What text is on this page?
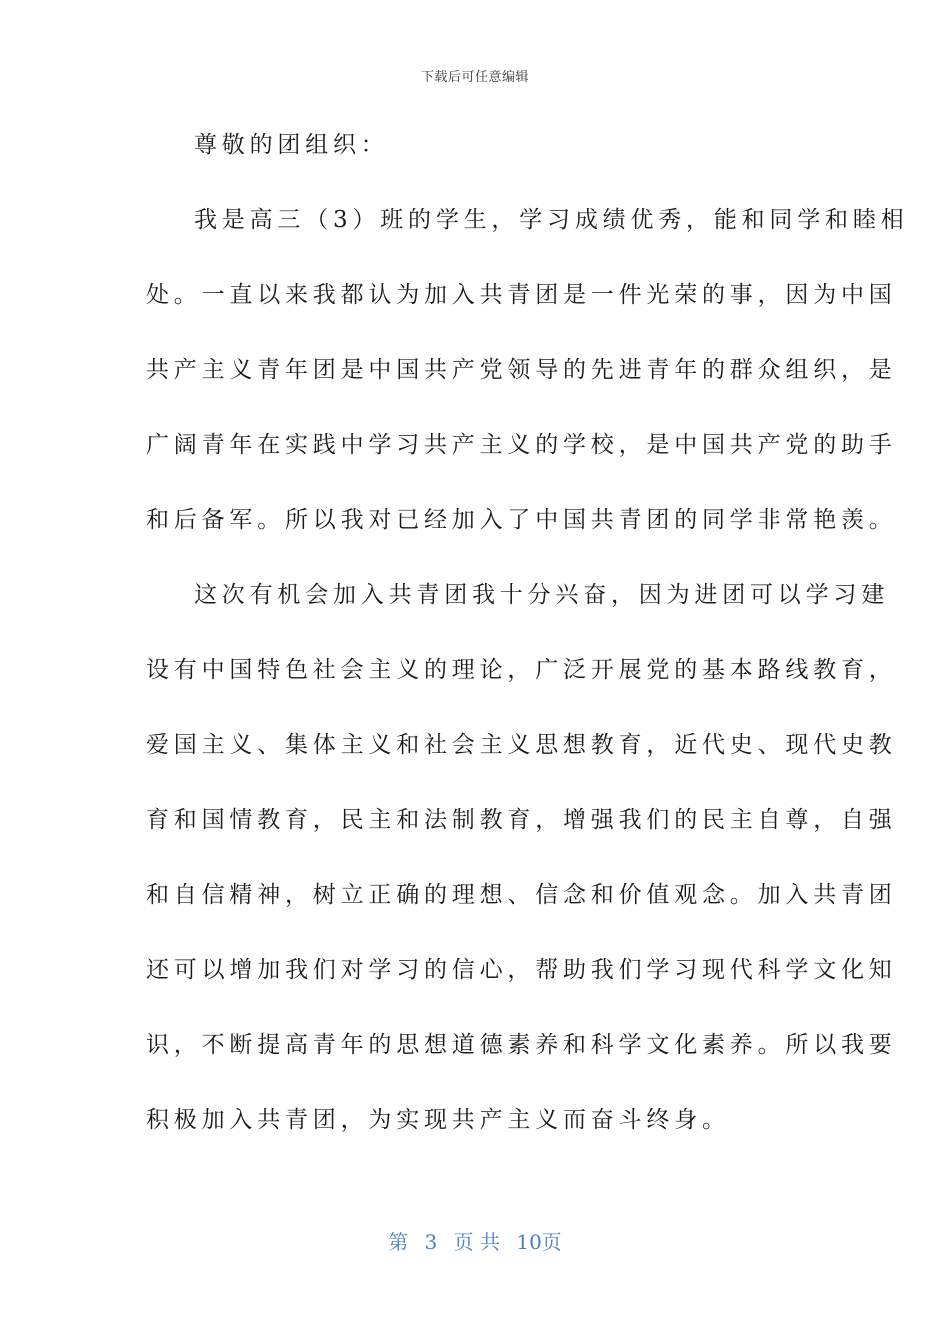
下载后可任意编辑
尊敬的团组织：
我是高三（3）班的学生，学习成绩优秀，能和同学和睦相
处。一直以来我都认为加入共青团是一件光荣的事，因为中国
共产主义青年团是中国共产党领导的先进青年的群众组织，是
广阔青年在实践中学习共产主义的学校，是中国共产党的助手
和后备军。所以我对已经加入了中国共青团的同学非常艳羡。
这次有机会加入共青团我十分兴奋，因为进团可以学习建
设有中国特色社会主义的理论，广泛开展党的基本路线教育，
爱国主义、集体主义和社会主义思想教育，近代史、现代史教
育和国情教育，民主和法制教育，增强我们的民主自尊，自强
和自信精神，树立正确的理想、信念和价值观念。加入共青团
还可以增加我们对学习的信心，帮助我们学习现代科学文化知
识，不断提高青年的思想道德素养和科学文化素养。所以我要
积极加入共青团，为实现共产主义而奋斗终身。
第 3 页 共 10页
